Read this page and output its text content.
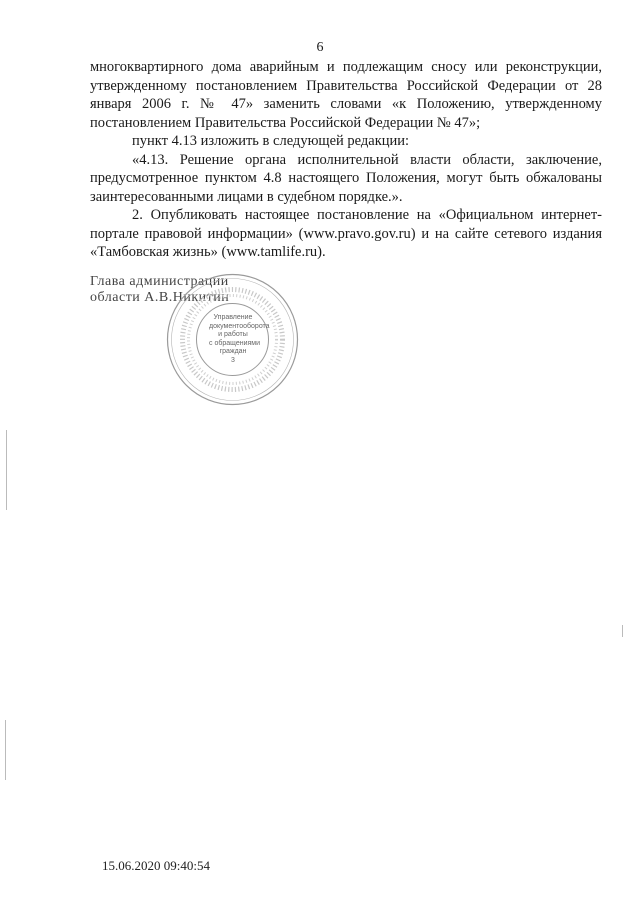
6

многоквартирного дома аварийным и подлежащим сносу или реконструкции, утвержденному постановлением Правительства Российской Федерации от 28 января 2006 г. № 47» заменить словами «к Положению, утвержденному постановлением Правительства Российской Федерации № 47»;

пункт 4.13 изложить в следующей редакции:

«4.13. Решение органа исполнительной власти области, заключение, предусмотренное пунктом 4.8 настоящего Положения, могут быть обжалованы заинтересованными лицами в судебном порядке.».

2. Опубликовать настоящее постановление на «Официальном интернет-портале правовой информации» (www.pravo.gov.ru) и на сайте сетевого издания «Тамбовская жизнь» (www.tamlife.ru).

Глава администрации
области А.В.Никитин
Управление
документооборота
и работы
с обращениями
граждан
3
15.06.2020 09:40:54
